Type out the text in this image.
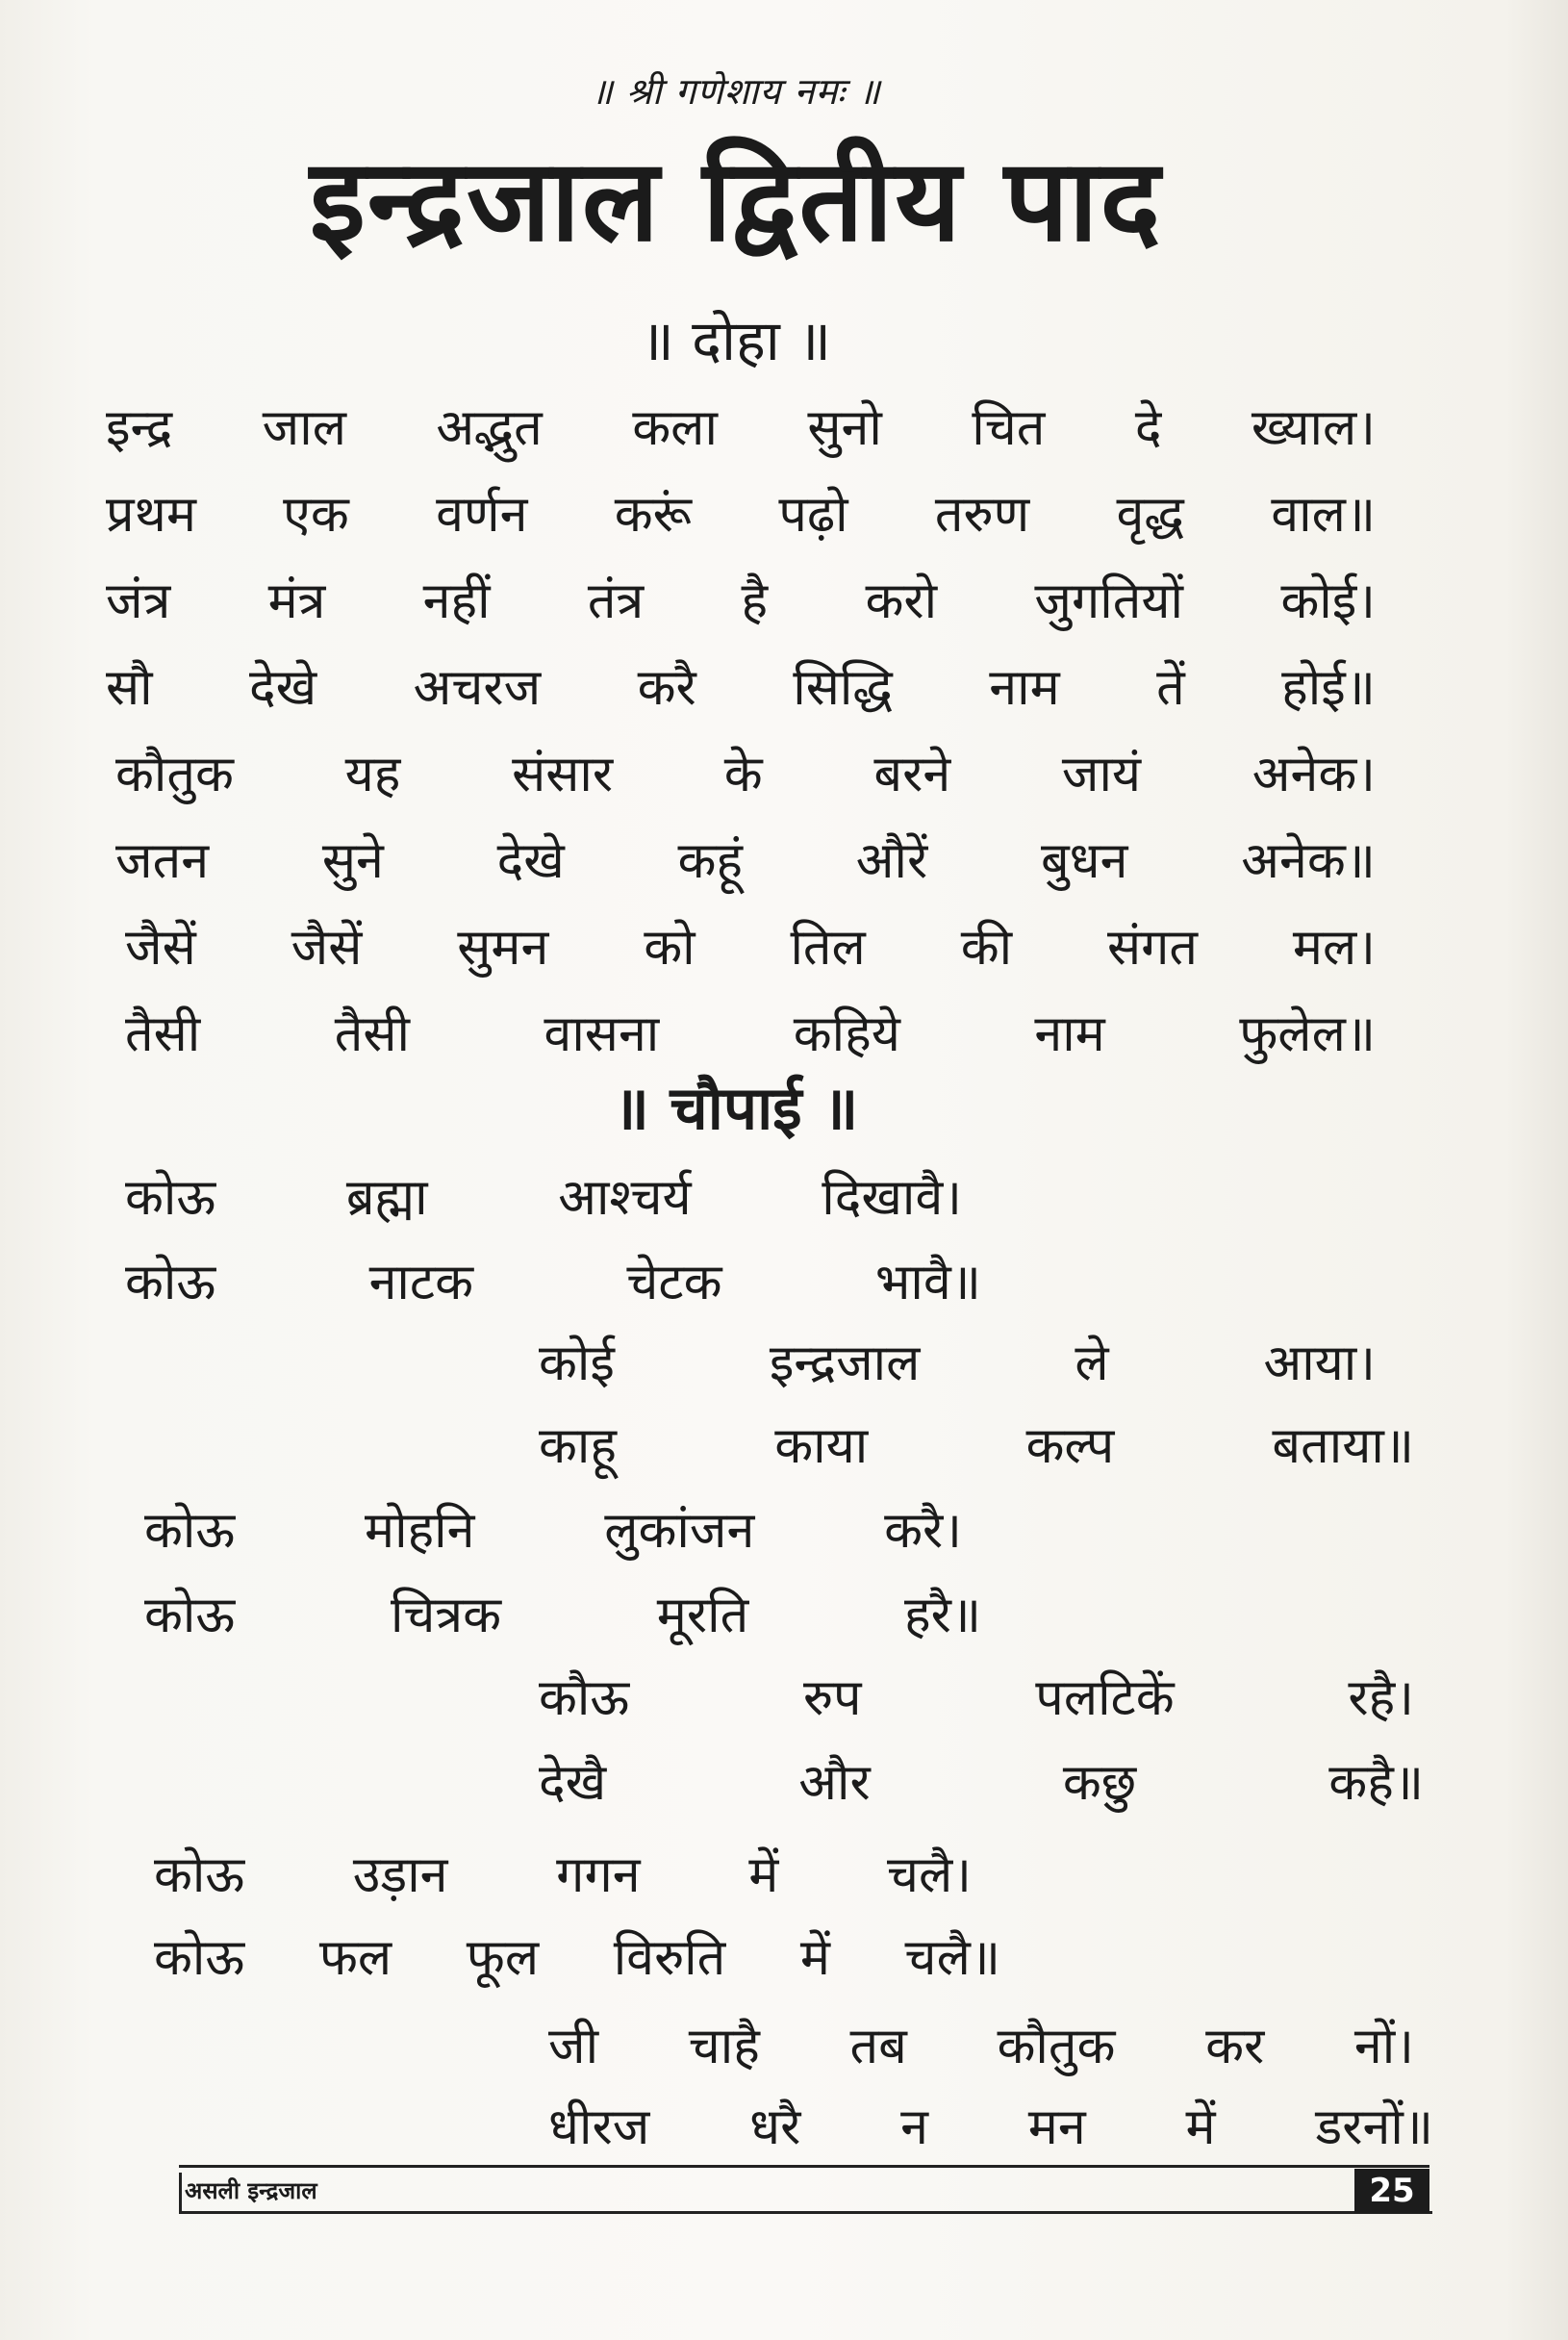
॥ श्री गणेशाय नमः ॥
इन्द्रजाल द्वितीय पाद
॥ दोहा ॥
इन्द्र जाल अद्भुत कला सुनो चित दे ख्याल।
प्रथम एक वर्णन करूं पढ़ो तरुण वृद्ध वाल॥
जंत्र मंत्र नहीं तंत्र है करो जुगतियों कोई।
सौ देखे अचरज करै सिद्धि नाम तें होई॥
कौतुक यह संसार के बरने जायं अनेक।
जतन सुने देखे कहूं औरें बुधन अनेक॥
जैसें जैसें सुमन को तिल की संगत मल।
तैसी	तैसी	वासना	कहिये	नाम	फुलेल॥
॥ चौपाई ॥
कोऊ	ब्रह्मा	आश्चर्य	दिखावै।
कोऊ	नाटक	चेटक	भावै॥
कोई	इन्द्रजाल	ले	आया।
काहू	काया	कल्प	बताया॥
कोऊ	मोहनि	लुकांजन	करै।
कोऊ	चित्रक	मूरति	हरै॥
कौऊ	रुप	पलटिकें	रहै।
देखै	और	कछु	कहै॥
कोऊ उड़ान गगन में चलै।
कोऊ फल फूल विरुति में चलै॥
जी चाहै तब कौतुक कर नों।
धीरज धरै न मन में डरनों॥
असली इन्द्रजाल	25
